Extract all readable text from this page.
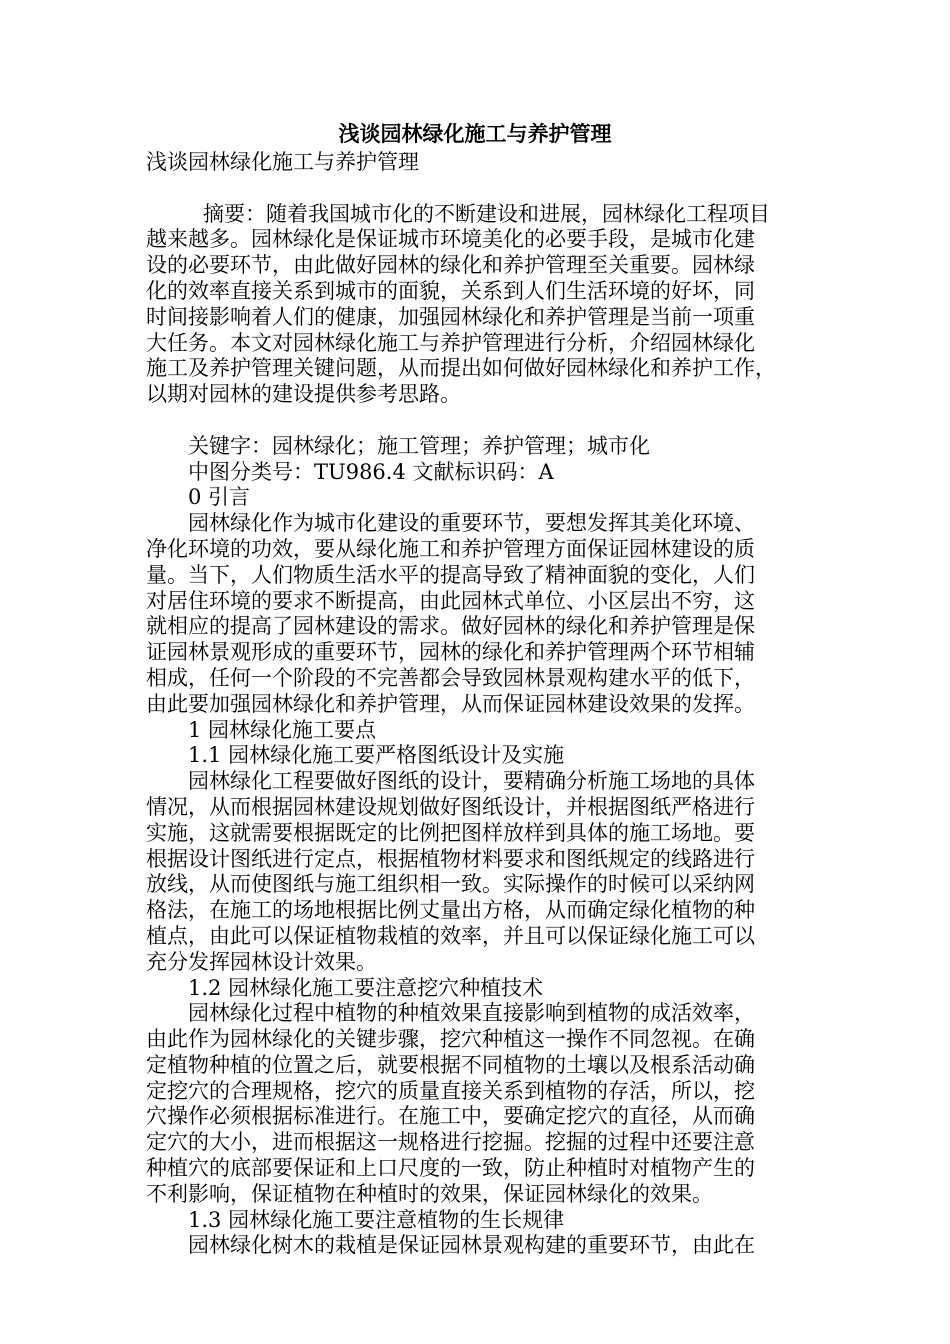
浅谈园林绿化施工与养护管理
浅谈园林绿化施工与养护管理
摘要：随着我国城市化的不断建设和进展，园林绿化工程项目
越来越多。园林绿化是保证城市环境美化的必要手段，是城市化建
设的必要环节，由此做好园林的绿化和养护管理至关重要。园林绿
化的效率直接关系到城市的面貌，关系到人们生活环境的好坏，同
时间接影响着人们的健康，加强园林绿化和养护管理是当前一项重
大任务。本文对园林绿化施工与养护管理进行分析，介绍园林绿化
施工及养护管理关键问题，从而提出如何做好园林绿化和养护工作，
以期对园林的建设提供参考思路。
关键字：园林绿化；施工管理；养护管理；城市化
中图分类号：TU986.4 文献标识码：A
0 引言
园林绿化作为城市化建设的重要环节，要想发挥其美化环境、
净化环境的功效，要从绿化施工和养护管理方面保证园林建设的质
量。当下，人们物质生活水平的提高导致了精神面貌的变化，人们
对居住环境的要求不断提高，由此园林式单位、小区层出不穷，这
就相应的提高了园林建设的需求。做好园林的绿化和养护管理是保
证园林景观形成的重要环节，园林的绿化和养护管理两个环节相辅
相成，任何一个阶段的不完善都会导致园林景观构建水平的低下，
由此要加强园林绿化和养护管理，从而保证园林建设效果的发挥。
1 园林绿化施工要点
1.1 园林绿化施工要严格图纸设计及实施
园林绿化工程要做好图纸的设计，要精确分析施工场地的具体
情况，从而根据园林建设规划做好图纸设计，并根据图纸严格进行
实施，这就需要根据既定的比例把图样放样到具体的施工场地。要
根据设计图纸进行定点，根据植物材料要求和图纸规定的线路进行
放线，从而使图纸与施工组织相一致。实际操作的时候可以采纳网
格法，在施工的场地根据比例丈量出方格，从而确定绿化植物的种
植点，由此可以保证植物栽植的效率，并且可以保证绿化施工可以
充分发挥园林设计效果。
1.2 园林绿化施工要注意挖穴种植技术
园林绿化过程中植物的种植效果直接影响到植物的成活效率，
由此作为园林绿化的关键步骤，挖穴种植这一操作不同忽视。在确
定植物种植的位置之后，就要根据不同植物的土壤以及根系活动确
定挖穴的合理规格，挖穴的质量直接关系到植物的存活，所以，挖
穴操作必须根据标准进行。在施工中，要确定挖穴的直径，从而确
定穴的大小，进而根据这一规格进行挖掘。挖掘的过程中还要注意
种植穴的底部要保证和上口尺度的一致，防止种植时对植物产生的
不利影响，保证植物在种植时的效果，保证园林绿化的效果。
1.3 园林绿化施工要注意植物的生长规律
园林绿化树木的栽植是保证园林景观构建的重要环节，由此在
